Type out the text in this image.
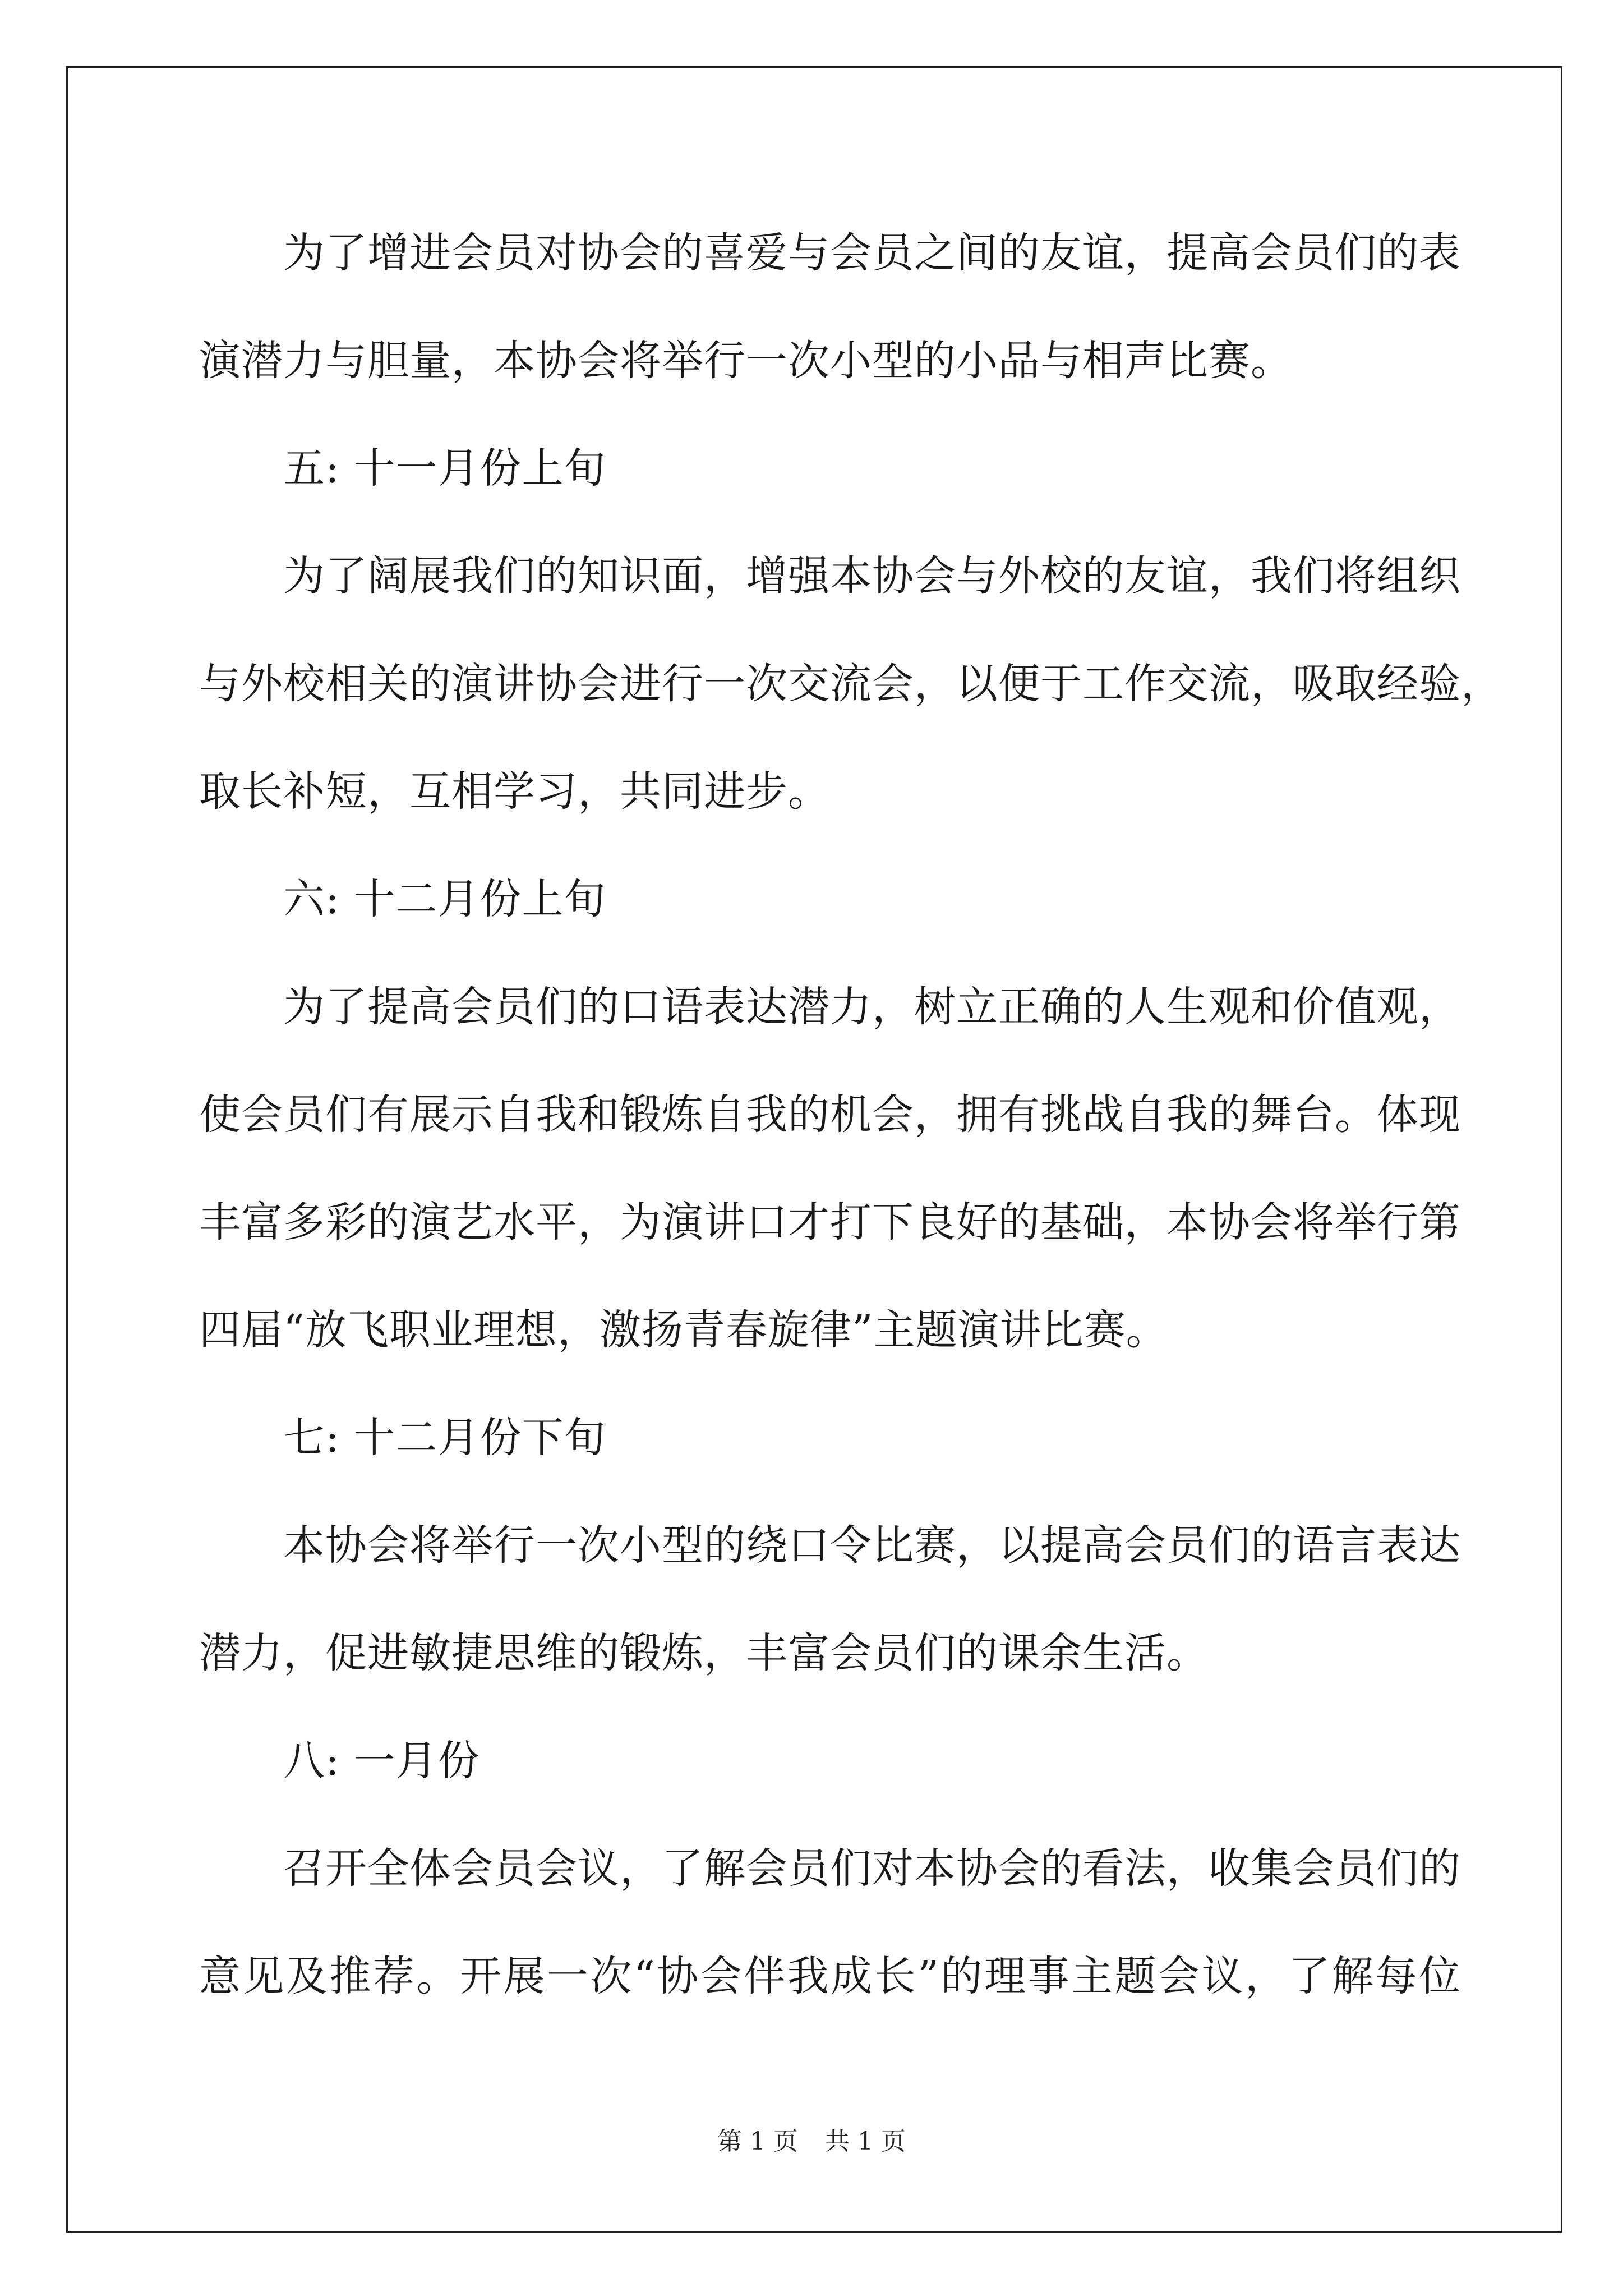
为了增进会员对协会的喜爱与会员之间的友谊，提高会员们的表
演潜力与胆量，本协会将举行一次小型的小品与相声比赛。
五: 十一月份上旬
为了阔展我们的知识面，增强本协会与外校的友谊，我们将组织
与外校相关的演讲协会进行一次交流会，以便于工作交流，吸取经验，
取长补短，互相学习，共同进步。
六: 十二月份上旬
为了提高会员们的口语表达潜力，树立正确的人生观和价值观，
使会员们有展示自我和锻炼自我的机会，拥有挑战自我的舞台。体现
丰富多彩的演艺水平，为演讲口才打下良好的基础，本协会将举行第
四届“放飞职业理想，激扬青春旋律”主题演讲比赛。
七: 十二月份下旬
本协会将举行一次小型的绕口令比赛，以提高会员们的语言表达
潜力，促进敏捷思维的锻炼，丰富会员们的课余生活。
八: 一月份
召开全体会员会议，了解会员们对本协会的看法，收集会员们的
意见及推荐。开展一次“协会伴我成长”的理事主题会议，了解每位
第 1 页 共 1 页
